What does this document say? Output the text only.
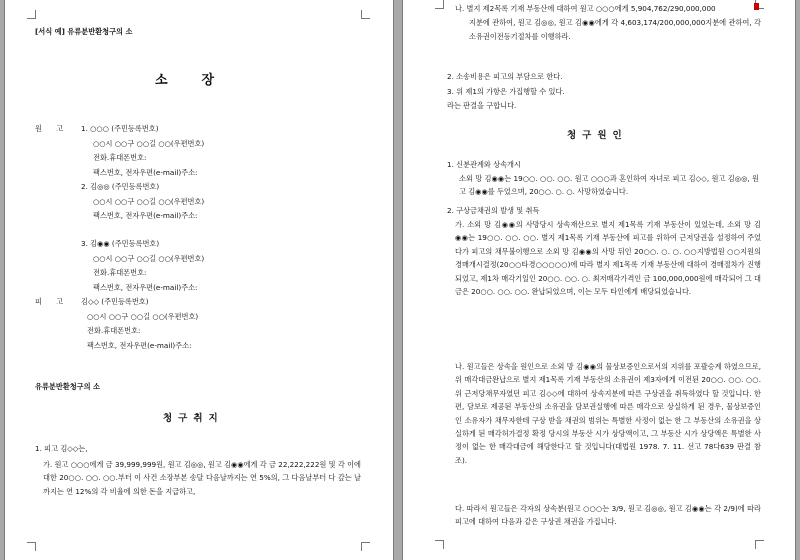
[서식 예] 유류분반환청구의 소
소장
원 고 1. ○○○ (주민등록번호)
○○시 ○○구 ○○길 ○○(우편번호)
전화․휴대폰번호:
팩스번호, 전자우편(e-mail)주소:
2. 김◎◎ (주민등록번호)
○○시 ○○구 ○○길 ○○(우편번호)
팩스번호, 전자우편(e-mail)주소:
3. 김◉◉ (주민등록번호)
○○시 ○○구 ○○길 ○○(우편번호)
전화․휴대폰번호:
팩스번호, 전자우편(e-mail)주소:
피 고 김◇◇ (주민등록번호)
○○시 ○○구 ○○길 ○○(우편번호)
전화․휴대폰번호:
팩스번호, 전자우편(e-mail)주소:
유류분반환청구의 소
청구취지
1. 피고 김◇◇는,
가. 원고 ○○○에게 금 39,999,999원, 원고 김◎◎, 원고 김◉◉에게 각 금 22,222,222원 및 각 이에 대한 20○○. ○○. ○○.부터 이 사건 소장부본 송달 다음날까지는 연 5%의, 그 다음날부터 다 갚는 날까지는 연 12%의 각 비율에 의한 돈을 지급하고,
나. 별지 제2목록 기재 부동산에 대하여 원고 ○○○에게 5,904,762/290,000,000
지분에 관하여, 원고 김◎◎, 원고 김◉◉에게 각 4,603,174/200,000,000지분에 관하여, 각 소유권이전등기절차를 이행하라.
2. 소송비용은 피고의 부담으로 한다.
3. 위 제1의 가항은 가집행할 수 있다.
라는 판결을 구합니다.
청구원인
1. 신분관계와 상속개시
소외 망 김◉◉는 19○○. ○○. ○○. 원고 ○○○과 혼인하여 자녀로 피고 김◇◇, 원고 김◎◎, 원고 김◉◉를 두었으며, 20○○. ○. ○. 사망하였습니다.
2. 구상금채권의 발생 및 취득
가. 소외 망 김◉◉의 사망당시 상속재산으로 별지 제1목록 기재 부동산이 있었는데, 소외 망 김◉◉는 19○○. ○○. ○○. 별지 제1목록 기재 부동산에 피고를 위하여 근저당권을 설정하여 주었다가 피고의 채무불이행으로 소외 망 김◉◉의 사망 뒤인 20○○. ○. ○. ○○지방법원 ○○지원의 경매개시결정(20○○타경○○○○○)에 따라 별지 제1목록 기재 부동산에 대하여 경매절차가 진행되었고, 제1차 매각기일인 20○○. ○○. ○. 최저매각가격인 금 100,000,000원에 매각되어 그 대금은 20○○. ○○. ○○. 완납되었으며, 이는 모두 타인에게 배당되었습니다.
나. 원고들은 상속을 원인으로 소외 망 김◉◉의 물상보증인으로서의 지위를 포괄승계 하였으므로, 위 매각대금완납으로 별지 제1목록 기재 부동산의 소유권이 제3자에게 이전된 20○○. ○○. ○○. 위 근저당채무자였던 피고 김◇◇에 대하여 상속지분에 따른 구상권을 취득하였다 할 것입니다. 한편, 담보로 제공된 부동산의 소유권을 담보권실행에 따른 매각으로 상실하게 된 경우, 물상보증인인 소유자가 채무자한테 구상 받을 채권의 범위는 특별한 사정이 없는 한 그 부동산의 소유권을 상실하게 된 매각허가결정 확정 당시의 부동산 시가 상당액이고, 그 부동산 시가 상당액은 특별한 사정이 없는 한 매각대금에 해당한다고 할 것입니다(대법원 1978. 7. 11. 선고 78다639 판결 참조).
다. 따라서 원고들은 각자의 상속분(원고 ○○○는 3/9, 원고 김◎◎, 원고 김◉◉는 각 2/9)에 따라 피고에 대하여 다음과 같은 구상권 채권을 가집니다.
